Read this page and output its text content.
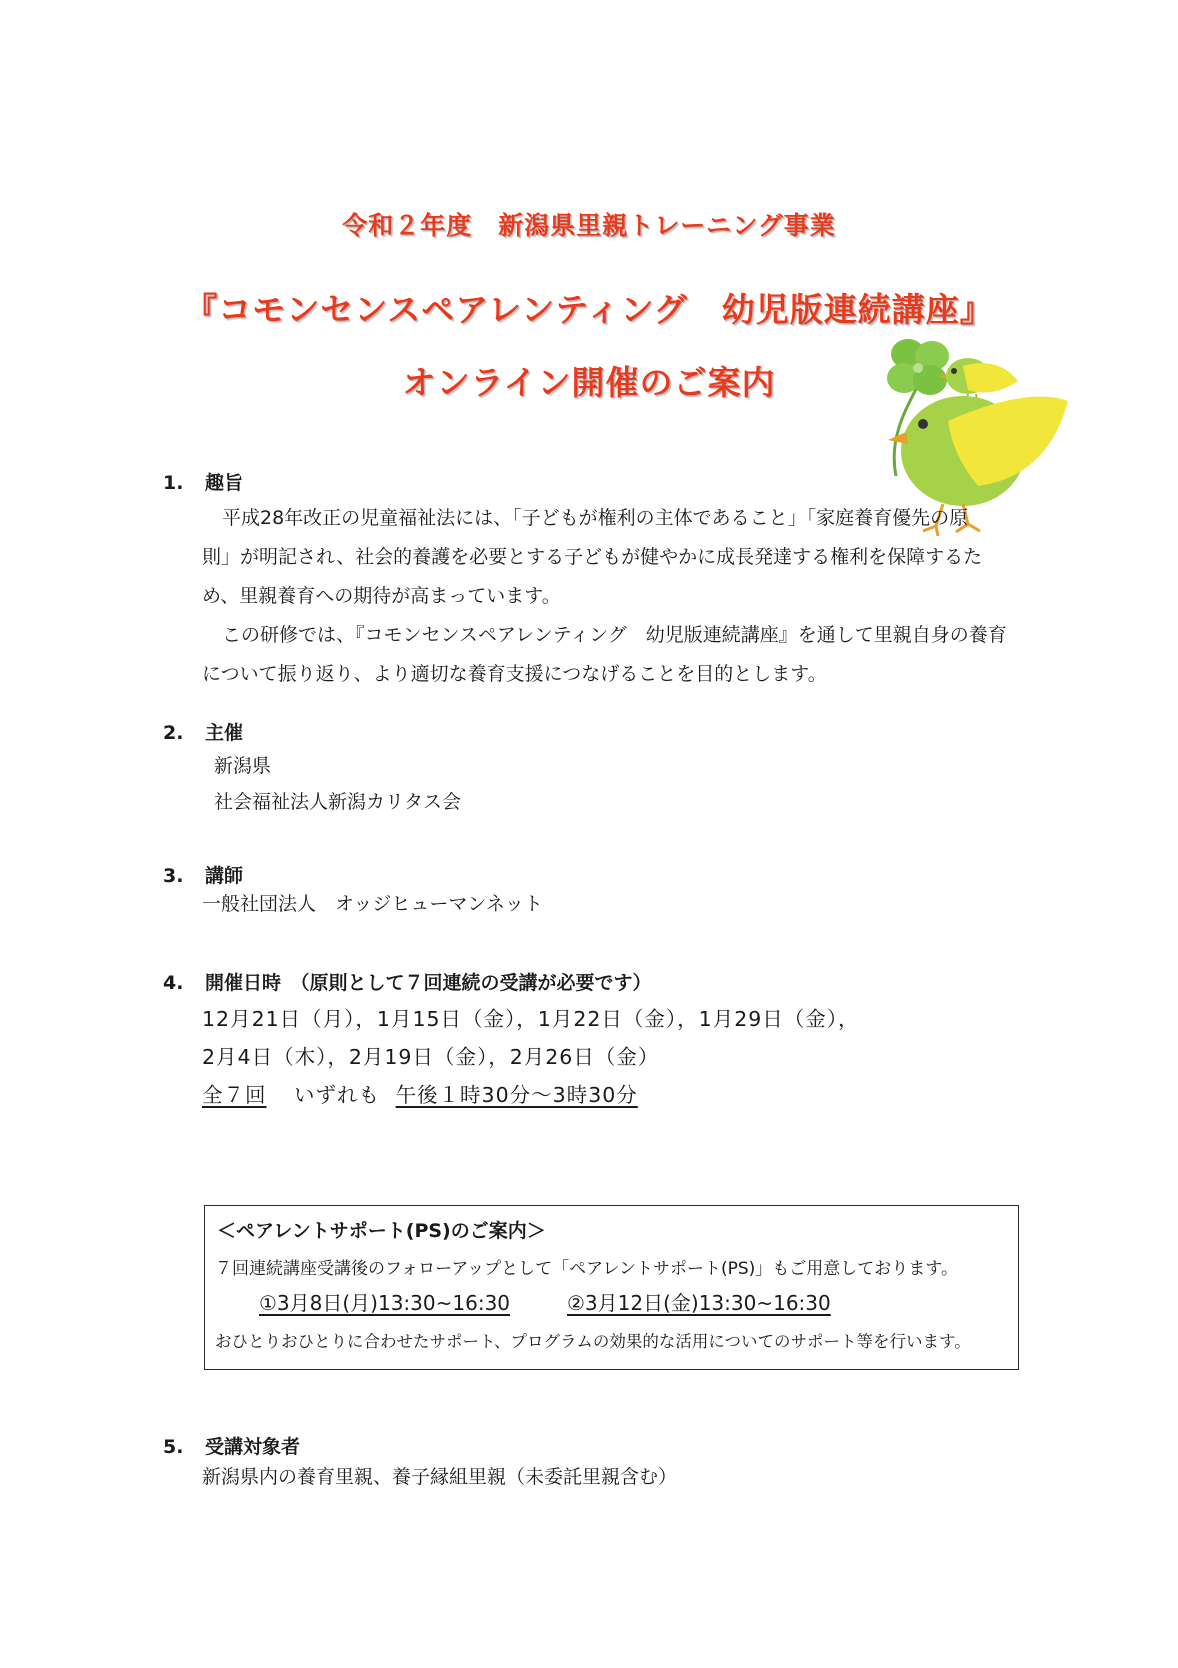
令和２年度　新潟県里親トレーニング事業
『コモンセンスペアレンティング　幼児版連続講座』
オンライン開催のご案内
1. 趣旨
平成28年改正の児童福祉法には、「子どもが権利の主体であること」「家庭養育優先の原
則」が明記され、社会的養護を必要とする子どもが健やかに成長発達する権利を保障するた
め、里親養育への期待が高まっています。
この研修では、『コモンセンスペアレンティング　幼児版連続講座』を通して里親自身の養育
について振り返り、より適切な養育支援につなげることを目的とします。
2. 主催
新潟県
社会福祉法人新潟カリタス会
3. 講師
一般社団法人　オッジヒューマンネット
4. 開催日時　（原則として７回連続の受講が必要です）
12月21日（月），1月15日（金），1月22日（金），1月29日（金），
2月4日（木），2月19日（金），2月26日（金）
全７回 いずれも 午後１時30分～3時30分
＜ペアレントサポート(PS)のご案内＞
７回連続講座受講後のフォローアップとして「ペアレントサポート(PS)」もご用意しております。
①3月8日(月)13:30~16:30	②3月12日(金)13:30~16:30
おひとりおひとりに合わせたサポート、プログラムの効果的な活用についてのサポート等を行います。
5. 受講対象者
新潟県内の養育里親、養子縁組里親（未委託里親含む）
